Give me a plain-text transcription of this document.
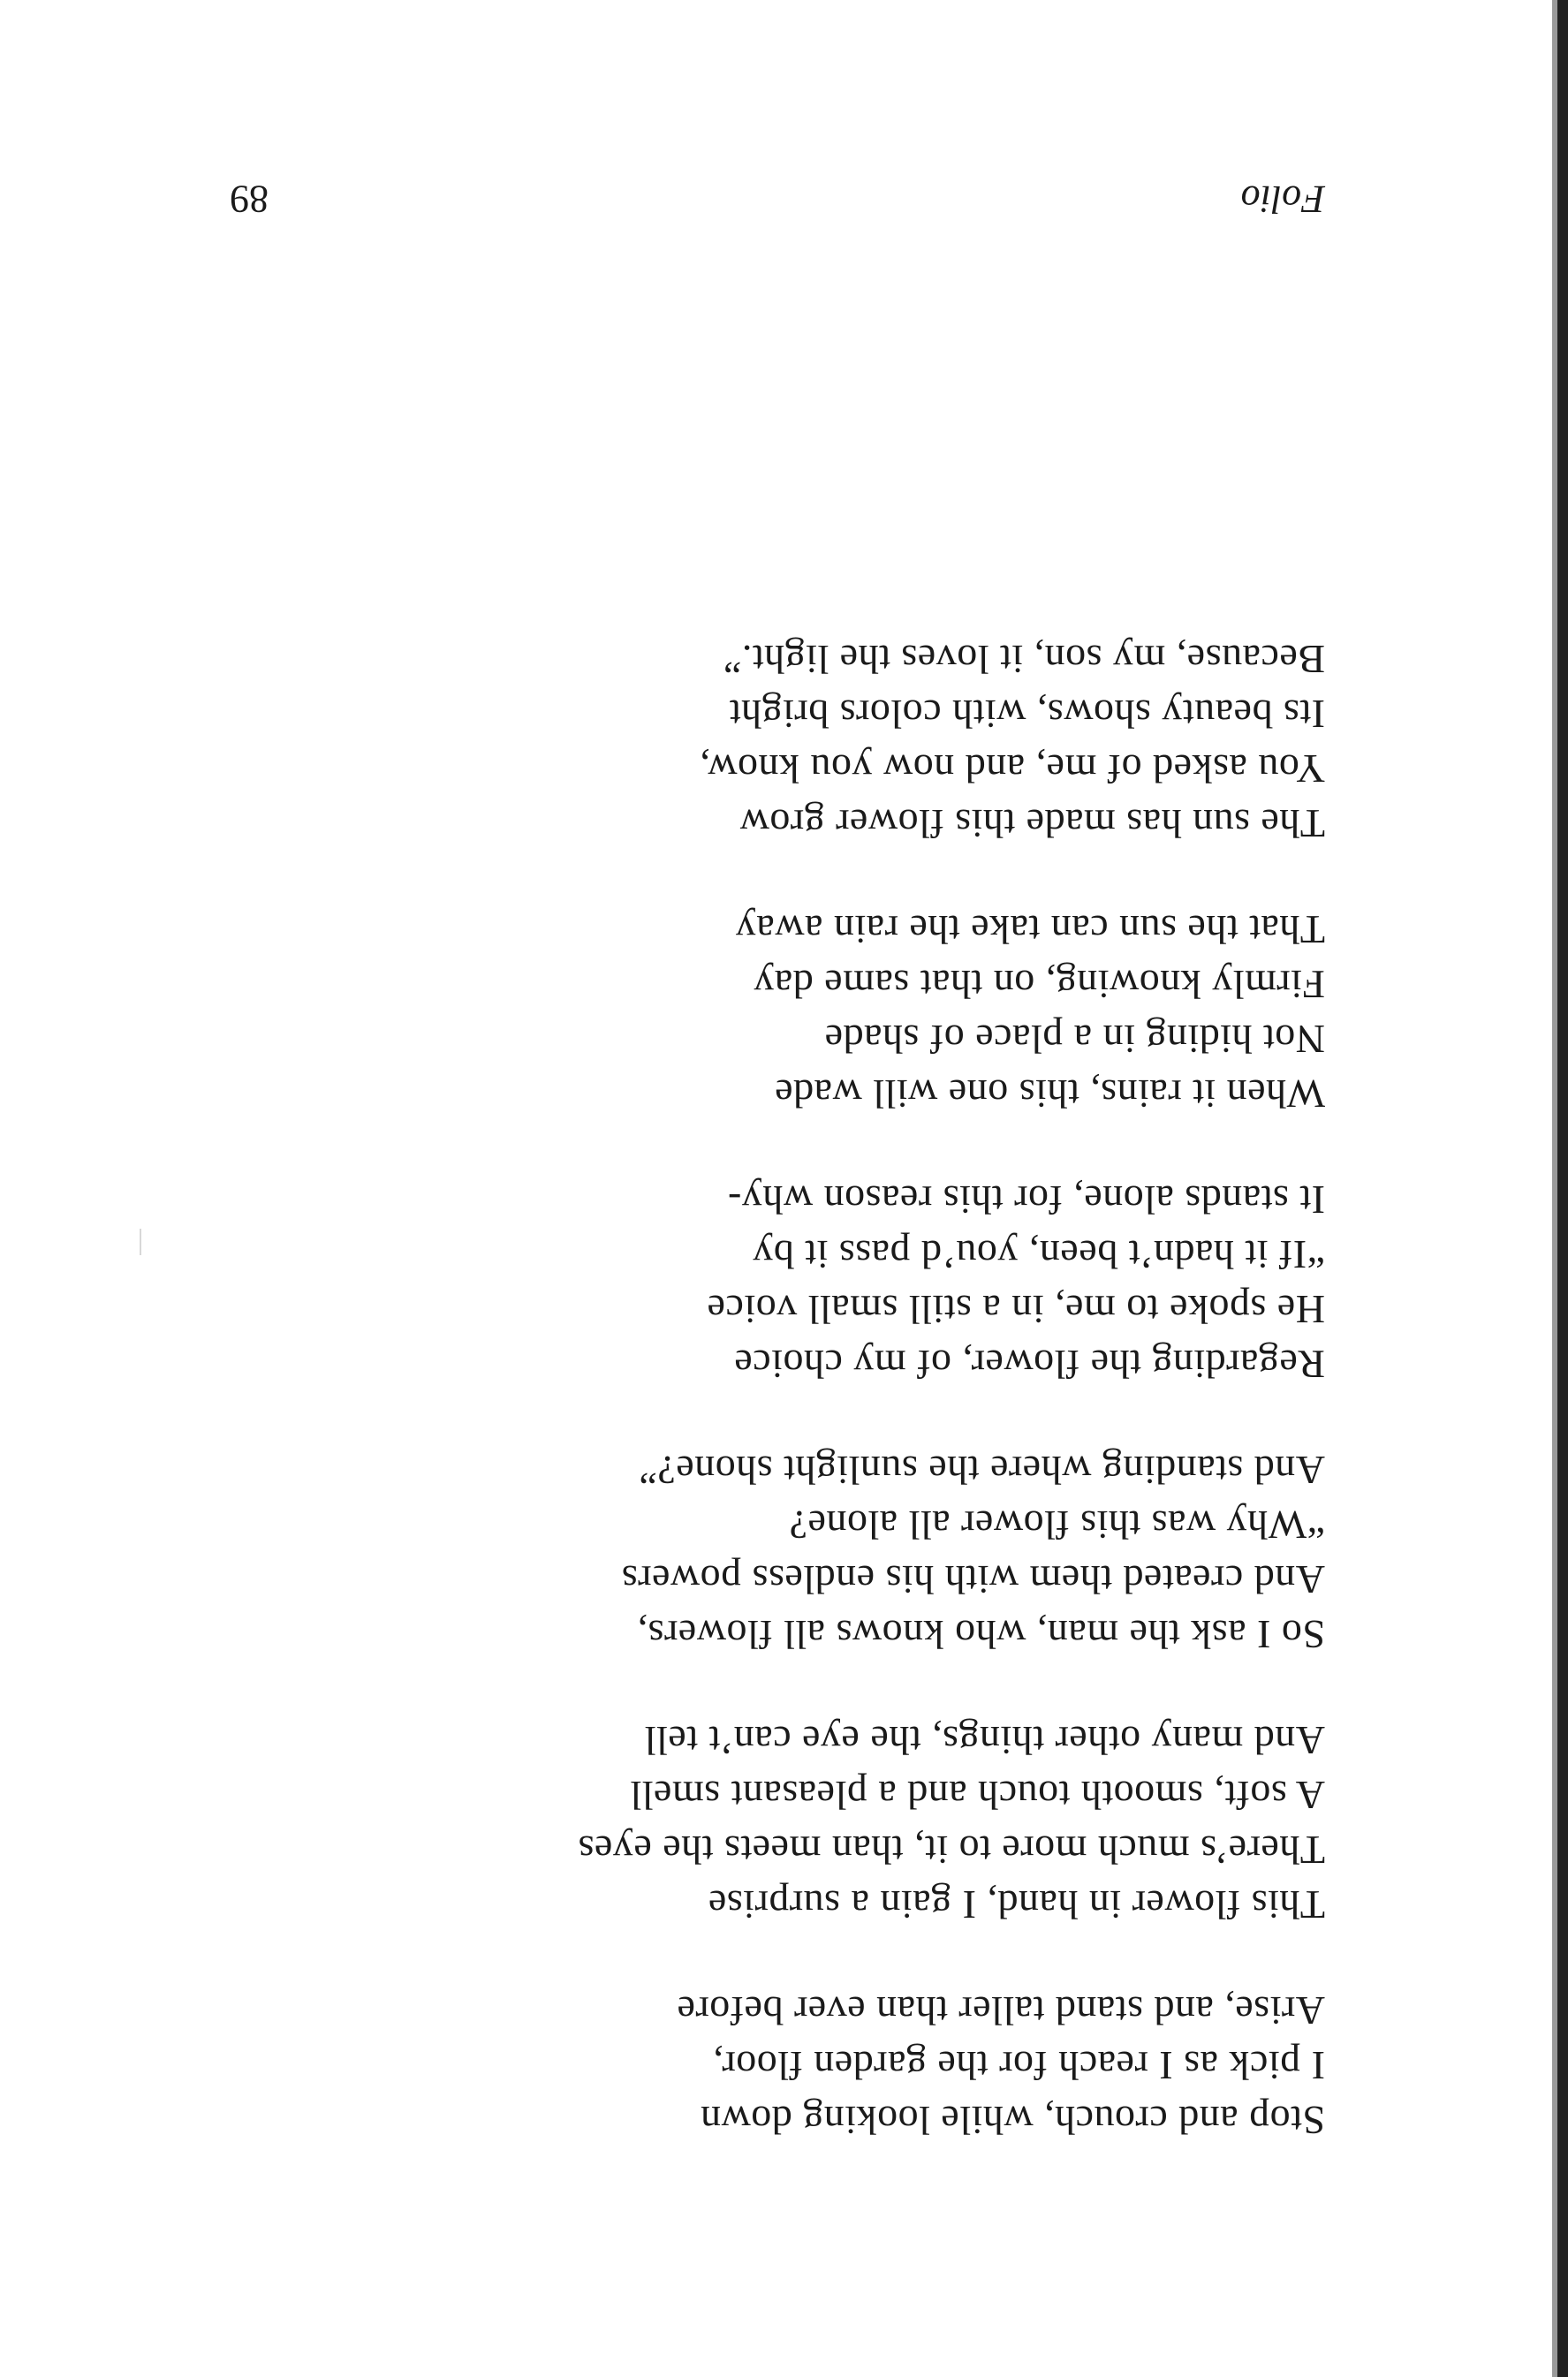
Folio
89
Stop and crouch, while looking down
I pick as I reach for the garden floor,
Arise, and stand taller than ever before
This flower in hand, I gain a surprise
There’s much more to it, than meets the eyes
A soft, smooth touch and a pleasant smell
And many other things, the eye can’t tell
So I ask the man, who knows all flowers,
And created them with his endless powers
“Why was this flower all alone?
And standing where the sunlight shone?”
Regarding the flower, of my choice
He spoke to me, in a still small voice
“If it hadn’t been, you’d pass it by
It stands alone, for this reason why-
When it rains, this one will wade
Not hiding in a place of shade
Firmly knowing, on that same day
That the sun can take the rain away
The sun has made this flower grow
You asked of me, and now you know,
Its beauty shows, with colors bright
Because, my son, it loves the light.”
